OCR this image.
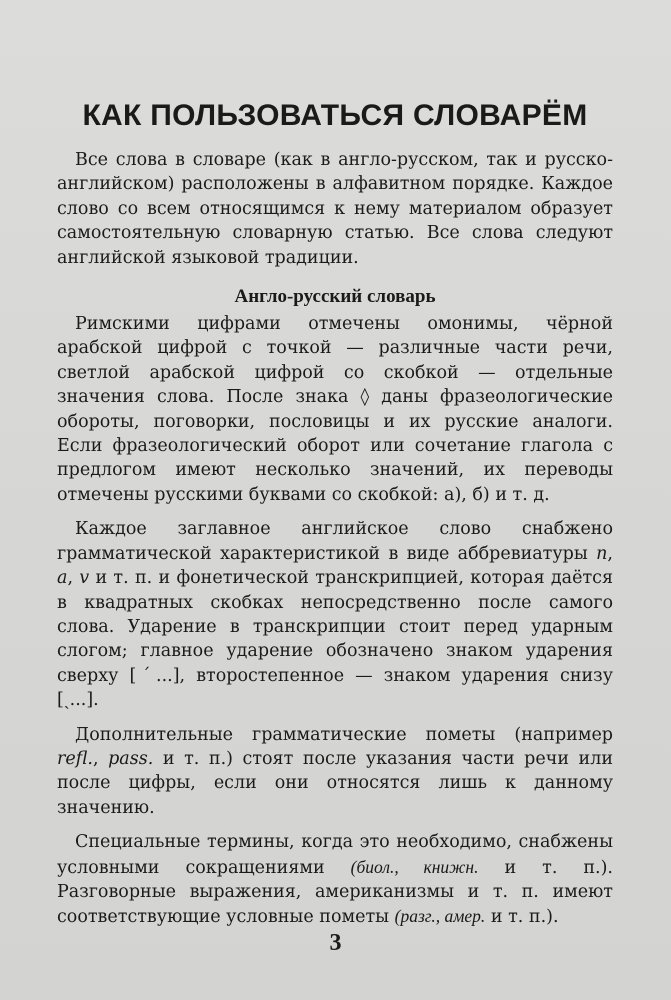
КАК ПОЛЬЗОВАТЬСЯ СЛОВАРЁМ

Все слова в словаре (как в англо-русском, так и русско-английском) расположены в алфавитном порядке. Каждое слово со всем относящимся к нему материалом образует самостоятельную словарную статью. Все слова следуют английской языковой традиции.

Англо-русский словарь

Римскими цифрами отмечены омонимы, чёрной арабской цифрой с точкой — различные части речи, светлой арабской цифрой со скобкой — отдельные значения слова. После знака ◊ даны фразеологические обороты, поговорки, пословицы и их русские аналоги. Если фразеологический оборот или сочетание глагола с предлогом имеют несколько значений, их переводы отмечены русскими буквами со скобкой: а), б) и т. д.

Каждое заглавное английское слово снабжено грамматической характеристикой в виде аббревиатуры n, a, v и т. п. и фонетической транскрипцией, которая даётся в квадратных скобках непосредственно после самого слова. Ударение в транскрипции стоит перед ударным слогом; главное ударение обозначено знаком ударения сверху [ˊ...], второстепенное — знаком ударения снизу [ˏ...].

Дополнительные грамматические пометы (например refl., pass. и т. п.) стоят после указания части речи или после цифры, если они относятся лишь к данному значению.

Специальные термины, когда это необходимо, снабжены условными сокращениями (биол., книжн. и т. п.). Разговорные выражения, американизмы и т. п. имеют соответствующие условные пометы (разг., амер. и т. п.).

3
